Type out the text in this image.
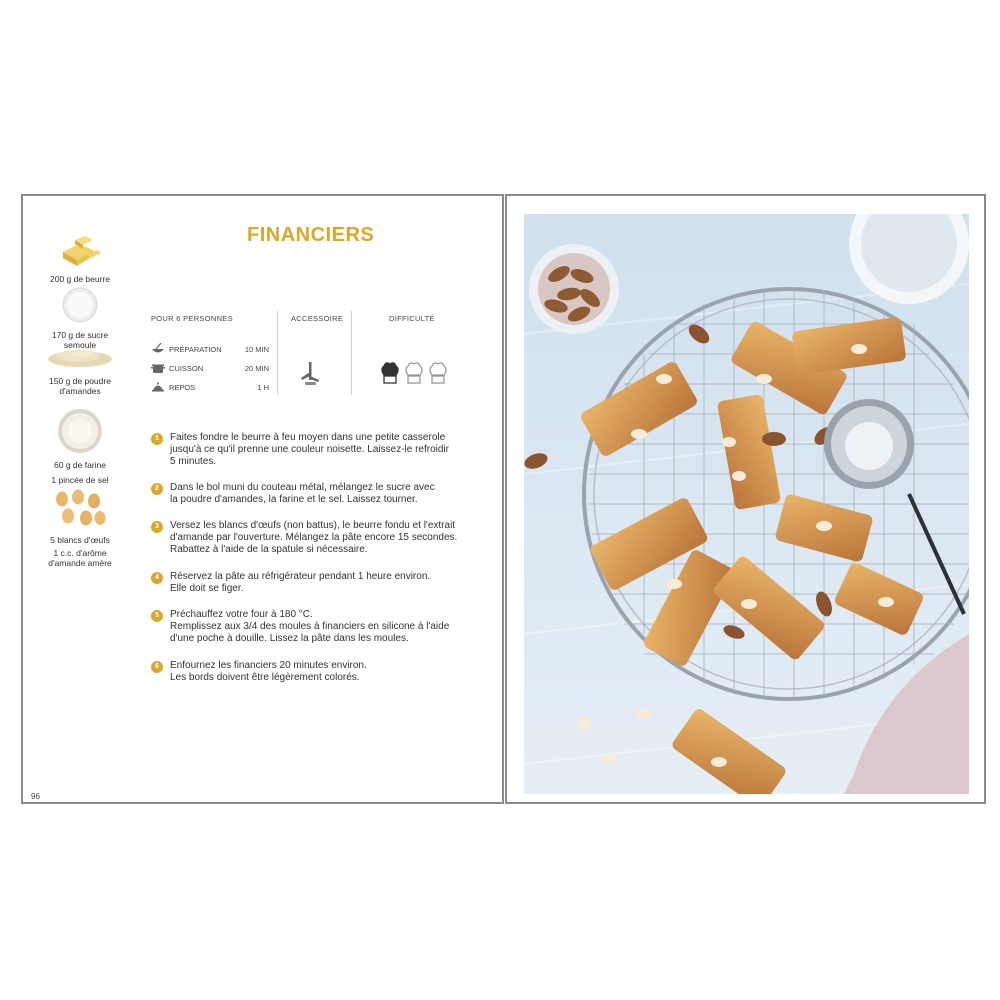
FINANCIERS
200 g de beurre
170 g de sucre semoule
150 g de poudre d'amandes
60 g de farine
1 pincée de sel
5 blancs d'œufs
1 c.c. d'arôme d'amande amère
POUR 6 PERSONNES	ACCESSOIRE	DIFFICULTÉ
PRÉPARATION	10 MIN
CUISSON	20 MIN
REPOS	1 H
1	Faites fondre le beurre à feu moyen dans une petite casserole
jusqu'à ce qu'il prenne une couleur noisette. Laissez-le refroidir
5 minutes.
2	Dans le bol muni du couteau métal, mélangez le sucre avec
la poudre d'amandes, la farine et le sel. Laissez tourner.
3	Versez les blancs d'œufs (non battus), le beurre fondu et l'extrait
d'amande par l'ouverture. Mélangez la pâte encore 15 secondes.
Rabattez à l'aide de la spatule si nécessaire.
4	Réservez la pâte au réfrigérateur pendant 1 heure environ.
Elle doit se figer.
5	Préchauffez votre four à 180 °C.
Remplissez aux 3/4 des moules à financiers en silicone à l'aide
d'une poche à douille. Lissez la pâte dans les moules.
6	Enfournez les financiers 20 minutes environ.
Les bords doivent être légèrement colorés.
96
